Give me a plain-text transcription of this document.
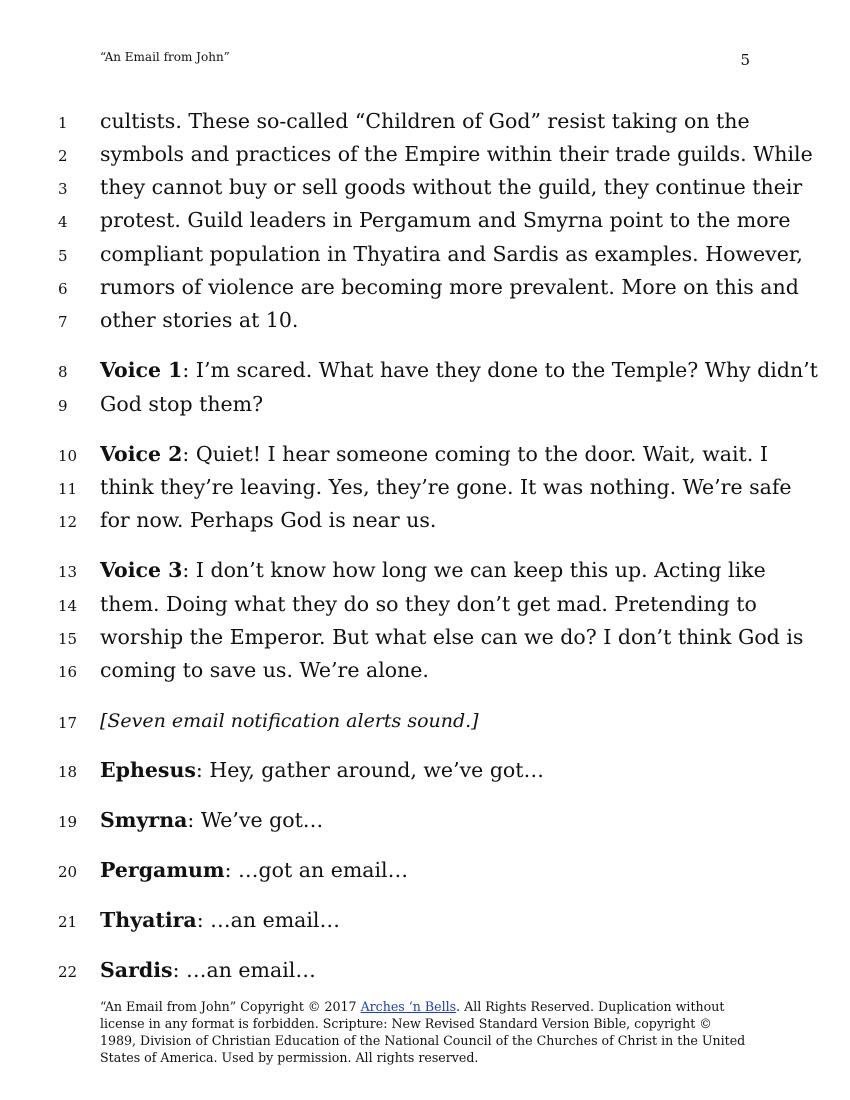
“An Email from John”	5
1	cultists. These so-called “Children of God” resist taking on the
2	symbols and practices of the Empire within their trade guilds. While
3	they cannot buy or sell goods without the guild, they continue their
4	protest. Guild leaders in Pergamum and Smyrna point to the more
5	compliant population in Thyatira and Sardis as examples. However,
6	rumors of violence are becoming more prevalent. More on this and
7	other stories at 10.
8	Voice 1: I’m scared. What have they done to the Temple? Why didn’t
9	God stop them?
10 Voice 2: Quiet! I hear someone coming to the door. Wait, wait. I
11 think they’re leaving. Yes, they’re gone. It was nothing. We’re safe
12 for now. Perhaps God is near us.
13 Voice 3: I don’t know how long we can keep this up. Acting like
14 them. Doing what they do so they don’t get mad. Pretending to
15 worship the Emperor. But what else can we do? I don’t think God is
16 coming to save us. We’re alone.
17 [Seven email notification alerts sound.]
18 Ephesus: Hey, gather around, we’ve got…
19 Smyrna: We’ve got…
20 Pergamum: …got an email…
21 Thyatira: …an email…
22 Sardis: …an email…
“An Email from John” Copyright © 2017 Arches ‘n Bells. All Rights Reserved. Duplication without license in any format is forbidden. Scripture: New Revised Standard Version Bible, copyright © 1989, Division of Christian Education of the National Council of the Churches of Christ in the United States of America. Used by permission. All rights reserved.
